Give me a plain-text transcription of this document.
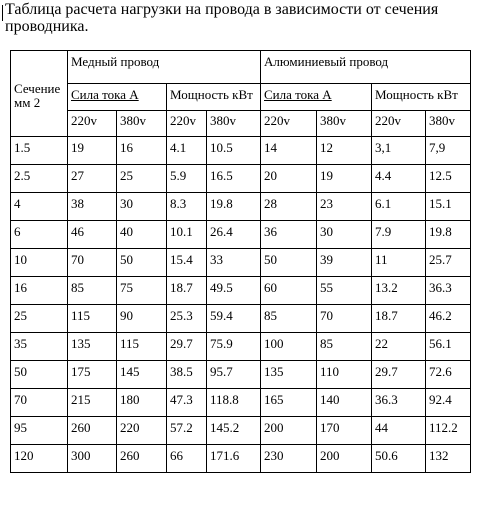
Таблица расчета нагрузки на провода в зависимости от сечения проводника.

Сечение мм 2	Медный провод				Алюминиевый провод			
	Сила тока А		Мощность кВт		Сила тока А		Мощность кВт	
	220v	380v	220v	380v	220v	380v	220v	380v
1.5	19	16	4.1	10.5	14	12	3,1	7,9
2.5	27	25	5.9	16.5	20	19	4.4	12.5
4	38	30	8.3	19.8	28	23	6.1	15.1
6	46	40	10.1	26.4	36	30	7.9	19.8
10	70	50	15.4	33	50	39	11	25.7
16	85	75	18.7	49.5	60	55	13.2	36.3
25	115	90	25.3	59.4	85	70	18.7	46.2
35	135	115	29.7	75.9	100	85	22	56.1
50	175	145	38.5	95.7	135	110	29.7	72.6
70	215	180	47.3	118.8	165	140	36.3	92.4
95	260	220	57.2	145.2	200	170	44	112.2
120	300	260	66	171.6	230	200	50.6	132
